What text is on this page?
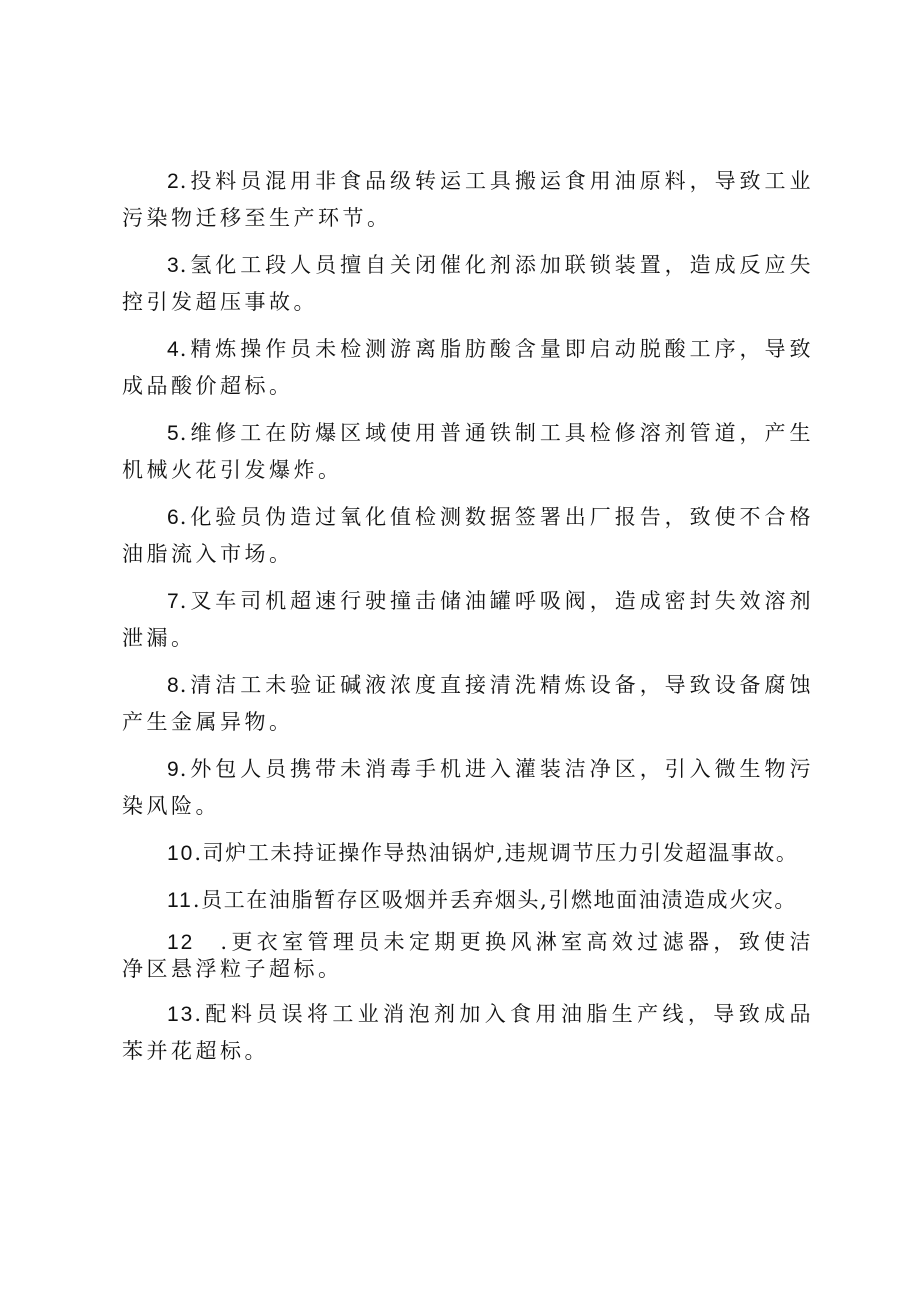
2.投料员混用非食品级转运工具搬运食用油原料，导致工业污染物迁移至生产环节。

3.氢化工段人员擅自关闭催化剂添加联锁装置，造成反应失控引发超压事故。

4.精炼操作员未检测游离脂肪酸含量即启动脱酸工序，导致成品酸价超标。

5.维修工在防爆区域使用普通铁制工具检修溶剂管道，产生机械火花引发爆炸。

6.化验员伪造过氧化值检测数据签署出厂报告，致使不合格油脂流入市场。

7.叉车司机超速行驶撞击储油罐呼吸阀，造成密封失效溶剂泄漏。

8.清洁工未验证碱液浓度直接清洗精炼设备，导致设备腐蚀产生金属异物。

9.外包人员携带未消毒手机进入灌装洁净区，引入微生物污染风险。

10.司炉工未持证操作导热油锅炉,违规调节压力引发超温事故。

11.员工在油脂暂存区吸烟并丢弃烟头,引燃地面油渍造成火灾。

12 .更衣室管理员未定期更换风淋室高效过滤器，致使洁净区悬浮粒子超标。

13.配料员误将工业消泡剂加入食用油脂生产线，导致成品苯并花超标。
